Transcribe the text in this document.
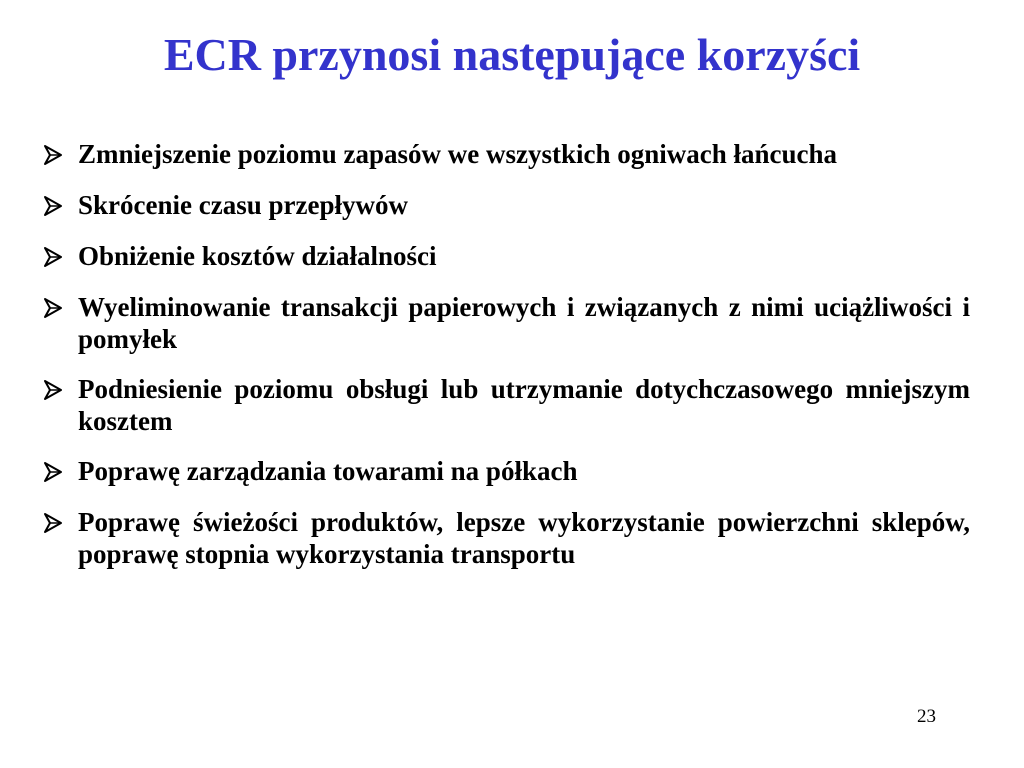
ECR przynosi następujące korzyści
Zmniejszenie poziomu zapasów we wszystkich ogniwach łańcucha
Skrócenie czasu przepływów
Obniżenie kosztów działalności
Wyeliminowanie transakcji papierowych i związanych z nimi uciążliwości i pomyłek
Podniesienie poziomu obsługi lub utrzymanie dotychczasowego mniejszym kosztem
Poprawę zarządzania towarami na półkach
Poprawę świeżości produktów, lepsze wykorzystanie powierzchni sklepów, poprawę stopnia wykorzystania transportu
23
